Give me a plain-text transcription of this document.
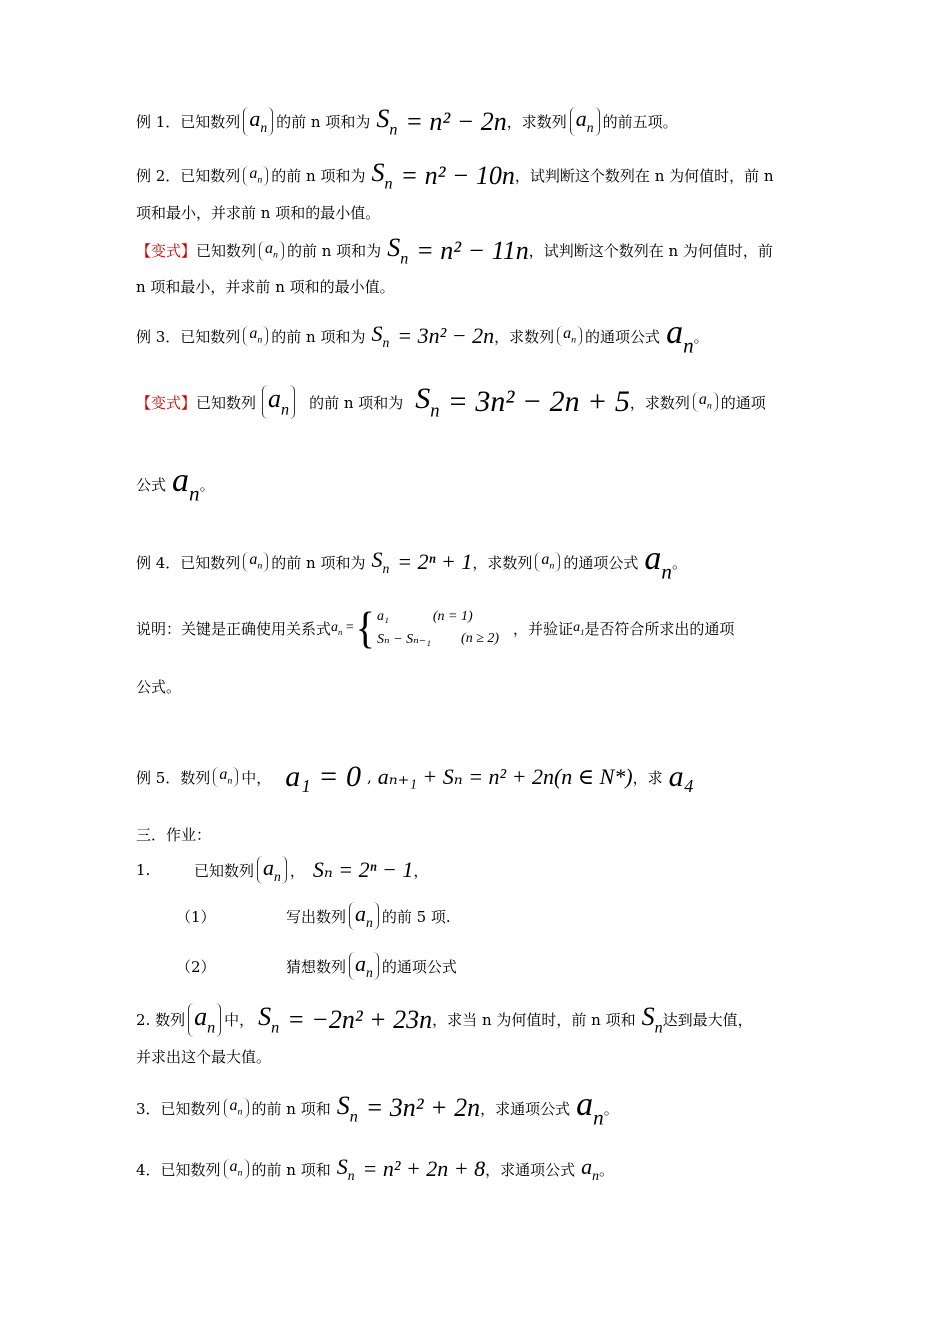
例 1．已知数列 $a_n$ 的前 n 项和为 $S_n = n^2 - 2n$ ，求数列 $a_n$ 的前五项。
例 2．已知数列 $a_n$ 的前 n 项和为 $S_n = n^2 - 10n$ ，试判断这个数列在 n 为何值时，前 n
项和最小，并求前 n 项和的最小值。
【变式】 已知数列 $a_n$ 的前 n 项和为 $S_n = n^2 - 11n$ ，试判断这个数列在 n 为何值时，前
n 项和最小，并求前 n 项和的最小值。
例 3．已知数列 $a_n$ 的前 n 项和为 $S_n = 3n^2 - 2n$ ，求数列 $a_n$ 的通项公式 $a_n$ 。
【变式】 已知数列 $a_n$	的前 n 项和为 $S_n = 3n^2 - 2n + 5$ ，求数列 $a_n$ 的通项
公式 $a_n$ 。
例 4．已知数列 $a_n$ 的前 n 项和为 $S_n = 2^n + 1$ ，求数列 $a_n$ 的通项公式 $a_n$ 。
说明：关键是正确使用关系式 $a_n$ = { a₁	(n = 1)
Sₙ − Sₙ₋₁ (n ≥ 2)
，并验证 $a_1$ 是否符合所求出的通项
公式。
例 5．数列 $a_n$ 中， a₁ = 0 , aₙ₊₁ + Sₙ = n² + 2n(n ∈ N*) ，求 a₄
三．作业：
1.	已知数列 $a_n$ ， Sₙ = 2ⁿ − 1 ，
（1）	写出数列 $a_n$ 的前 5 项.
（2）	猜想数列 $a_n$ 的通项公式
2. 数列 $a_n$ 中， $S_n = -2n^2 + 23n$ ，求当 n 为何值时，前 n 项和 $S_n$ 达到最大值，
并求出这个最大值。
3．已知数列 $a_n$ 的前 n 项和 $S_n = 3n^2 + 2n$ ，求通项公式 $a_n$ 。
4．已知数列 $a_n$ 的前 n 项和 $S_n = n^2 + 2n + 8$ ，求通项公式 $a_n$ 。
